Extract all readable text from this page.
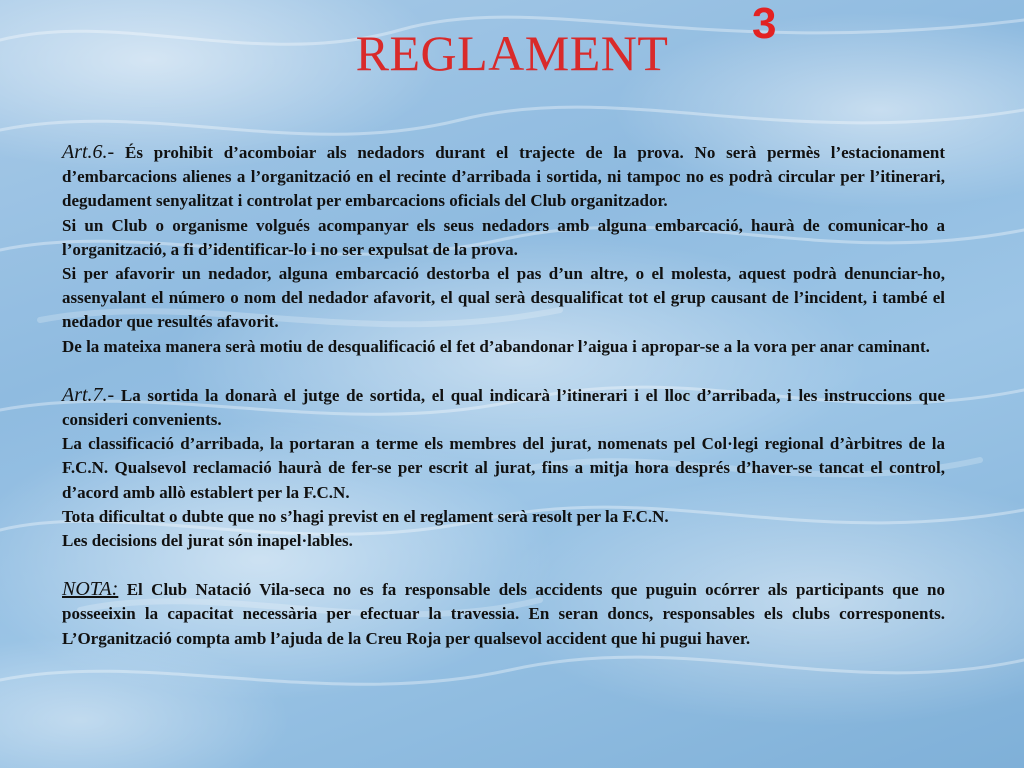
3
REGLAMENT

Art.6.- És prohibit d’acomboiar als nedadors durant el trajecte de la prova. No serà permès l’estacionament d’embarcacions alienes a l’organització en el recinte d’arribada i sortida, ni tampoc no es podrà circular per l’itinerari, degudament senyalitzat i controlat per embarcacions oficials del Club organitzador.

Si un Club o organisme volgués acompanyar els seus nedadors amb alguna embarcació, haurà de comunicar-ho a l’organització, a fi d’identificar-lo i no ser expulsat de la prova.

Si per afavorir un nedador, alguna embarcació destorba el pas d’un altre, o el molesta, aquest podrà denunciar-ho, assenyalant el número o nom del nedador afavorit, el qual serà desqualificat tot el grup causant de l’incident, i també el nedador que resultés afavorit.

De la mateixa manera serà motiu de desqualificació el fet d’abandonar l’aigua i apropar-se a la vora per anar caminant.

Art.7.- La sortida la donarà el jutge de sortida, el qual indicarà l’itinerari i el lloc d’arribada, i les instruccions que consideri convenients.

La classificació d’arribada, la portaran a terme els membres del jurat, nomenats pel Col·legi regional d’àrbitres de la F.C.N. Qualsevol reclamació haurà de fer-se per escrit al jurat, fins a mitja hora després d’haver-se tancat el control, d’acord amb allò establert per la F.C.N.

Tota dificultat o dubte que no s’hagi previst en el reglament serà resolt per la F.C.N.

Les decisions del jurat són inapel·lables.

NOTA: El Club Natació Vila-seca no es fa responsable dels accidents que puguin ocórrer als participants que no posseeixin la capacitat necessària per efectuar la travessia. En seran doncs, responsables els clubs corresponents. L’Organització compta amb l’ajuda de la Creu Roja per qualsevol accident que hi pugui haver.
